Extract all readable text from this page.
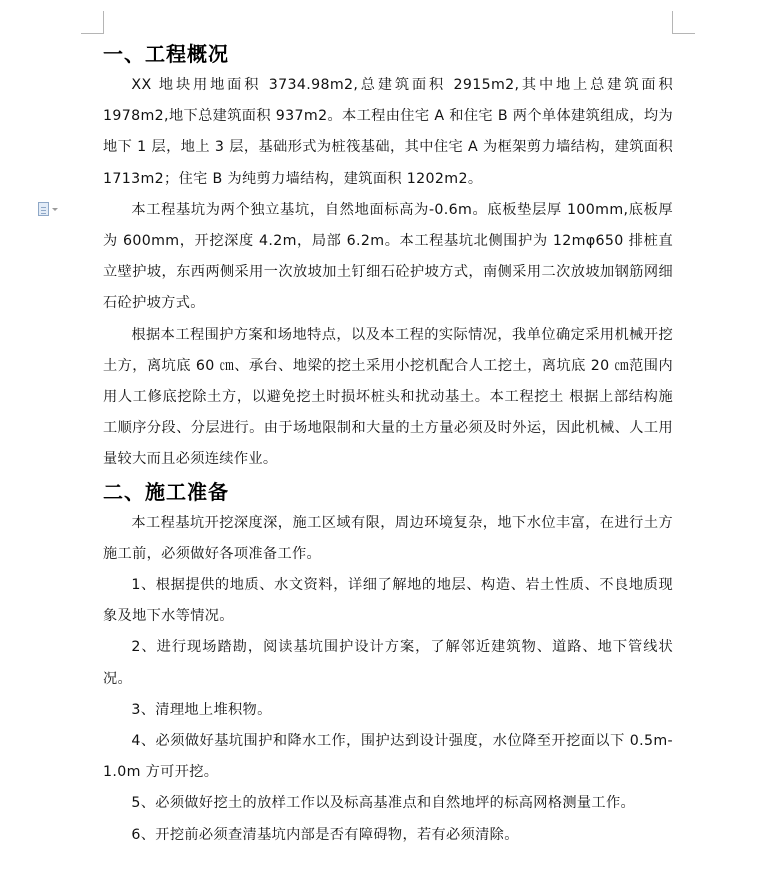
一、工程概况

XX 地块用地面积 3734.98m2,总建筑面积 2915m2,其中地上总建筑面积 1978m2,地下总建筑面积 937m2。本工程由住宅 A 和住宅 B 两个单体建筑组成，均为地下 1 层，地上 3 层，基础形式为桩筏基础，其中住宅 A 为框架剪力墙结构，建筑面积 1713m2；住宅 B 为纯剪力墙结构，建筑面积 1202m2。

本工程基坑为两个独立基坑，自然地面标高为-0.6m。底板垫层厚 100mm,底板厚为 600mm，开挖深度 4.2m，局部 6.2m。本工程基坑北侧围护为 12mφ650 排桩直立壁护坡，东西两侧采用一次放坡加土钉细石砼护坡方式，南侧采用二次放坡加钢筋网细石砼护坡方式。

根据本工程围护方案和场地特点，以及本工程的实际情况，我单位确定采用机械开挖土方，离坑底 60 ㎝、承台、地梁的挖土采用小挖机配合人工挖土，离坑底 20 ㎝范围内用人工修底挖除土方，以避免挖土时损坏桩头和扰动基土。本工程挖土 根据上部结构施工顺序分段、分层进行。由于场地限制和大量的土方量必须及时外运，因此机械、人工用量较大而且必须连续作业。

二、施工准备

本工程基坑开挖深度深，施工区域有限，周边环境复杂，地下水位丰富，在进行土方施工前，必须做好各项准备工作。

1、根据提供的地质、水文资料，详细了解地的地层、构造、岩土性质、不良地质现象及地下水等情况。

2、进行现场踏勘，阅读基坑围护设计方案，了解邻近建筑物、道路、地下管线状况。

3、清理地上堆积物。

4、必须做好基坑围护和降水工作，围护达到设计强度，水位降至开挖面以下 0.5m-1.0m 方可开挖。

5、必须做好挖土的放样工作以及标高基准点和自然地坪的标高网格测量工作。

6、开挖前必须查清基坑内部是否有障碍物，若有必须清除。
